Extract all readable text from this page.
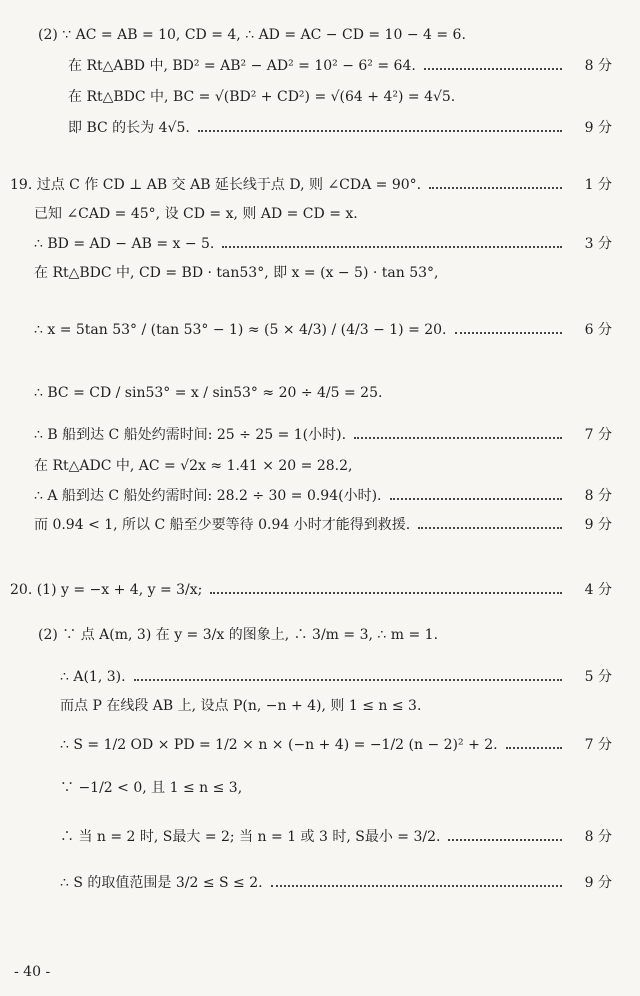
(2) ∵ AC = AB = 10, CD = 4, ∴ AD = AC − CD = 10 − 4 = 6.
在 Rt△ABD 中, BD² = AB² − AD² = 10² − 6² = 64.	8 分
在 Rt△BDC 中, BC = √(BD² + CD²) = √(64 + 4²) = 4√5.
即 BC 的长为 4√5.	9 分
19. 过点 C 作 CD ⊥ AB 交 AB 延长线于点 D, 则 ∠CDA = 90°.	1 分
已知 ∠CAD = 45°, 设 CD = x, 则 AD = CD = x.
∴ BD = AD − AB = x − 5.	3 分
在 Rt△BDC 中, CD = BD · tan53°, 即 x = (x − 5) · tan 53°,
∴ x = 5tan 53° / (tan 53° − 1) ≈ (5 × 4/3) / (4/3 − 1) = 20.	6 分
∴ BC = CD / sin53° = x / sin53° ≈ 20 ÷ 4/5 = 25.
∴ B 船到达 C 船处约需时间: 25 ÷ 25 = 1(小时).	7 分
在 Rt△ADC 中, AC = √2x ≈ 1.41 × 20 = 28.2,
∴ A 船到达 C 船处约需时间: 28.2 ÷ 30 = 0.94(小时).	8 分
而 0.94 < 1, 所以 C 船至少要等待 0.94 小时才能得到救援.	9 分
20. (1) y = −x + 4, y = 3/x;	4 分
(2) ∵ 点 A(m, 3) 在 y = 3/x 的图象上, ∴ 3/m = 3, ∴ m = 1.
∴ A(1, 3).	5 分
而点 P 在线段 AB 上, 设点 P(n, −n + 4), 则 1 ≤ n ≤ 3.
∴ S = 1/2 OD × PD = 1/2 × n × (−n + 4) = −1/2 (n − 2)² + 2.	7 分
∵ −1/2 < 0, 且 1 ≤ n ≤ 3,
∴ 当 n = 2 时, S最大 = 2; 当 n = 1 或 3 时, S最小 = 3/2.	8 分
∴ S 的取值范围是 3/2 ≤ S ≤ 2.	9 分
- 40 -
